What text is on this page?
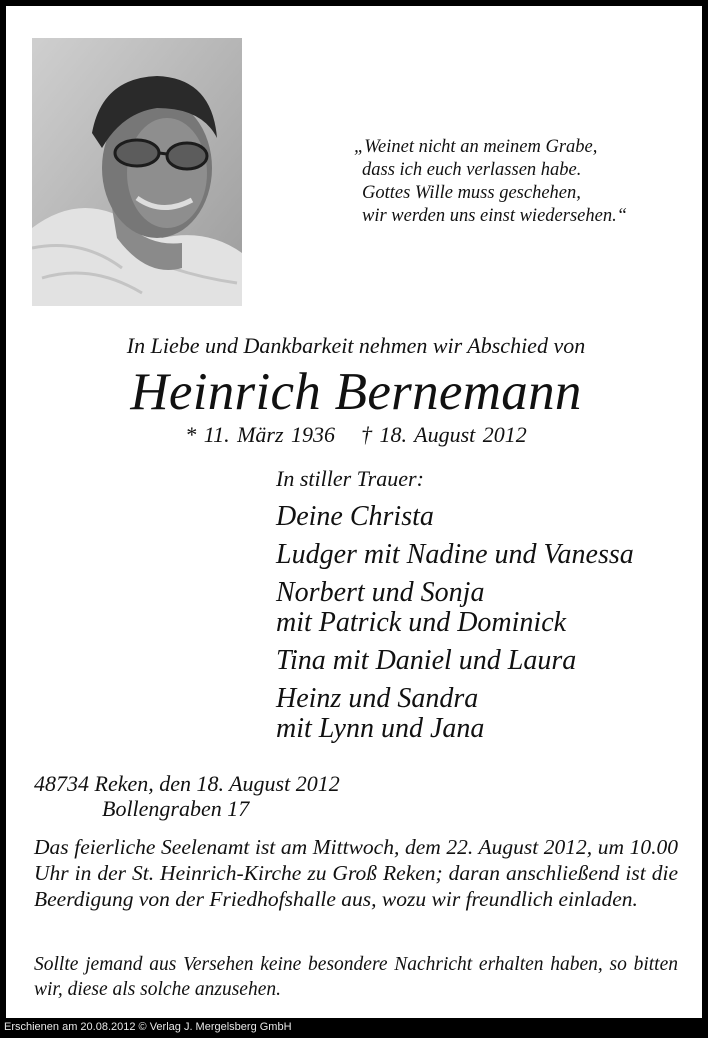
„Weinet nicht an meinem Grabe,
dass ich euch verlassen habe.
Gottes Wille muss geschehen,
wir werden uns einst wiedersehen.“
In Liebe und Dankbarkeit nehmen wir Abschied von
Heinrich Bernemann
* 11. März 1936 † 18. August 2012
In stiller Trauer:
Deine Christa
Ludger mit Nadine und Vanessa
Norbert und Sonja
mit Patrick und Dominick
Tina mit Daniel und Laura
Heinz und Sandra
mit Lynn und Jana
48734 Reken, den 18. August 2012
Bollengraben 17
Das feierliche Seelenamt ist am Mittwoch, dem 22. August 2012, um 10.00 Uhr in der St. Heinrich-Kirche zu Groß Reken; daran anschließend ist die Beerdigung von der Friedhofshalle aus, wozu wir freundlich einladen.
Sollte jemand aus Versehen keine besondere Nachricht erhalten haben, so bitten wir, diese als solche anzusehen.
Erschienen am 20.08.2012 © Verlag J. Mergelsberg GmbH
